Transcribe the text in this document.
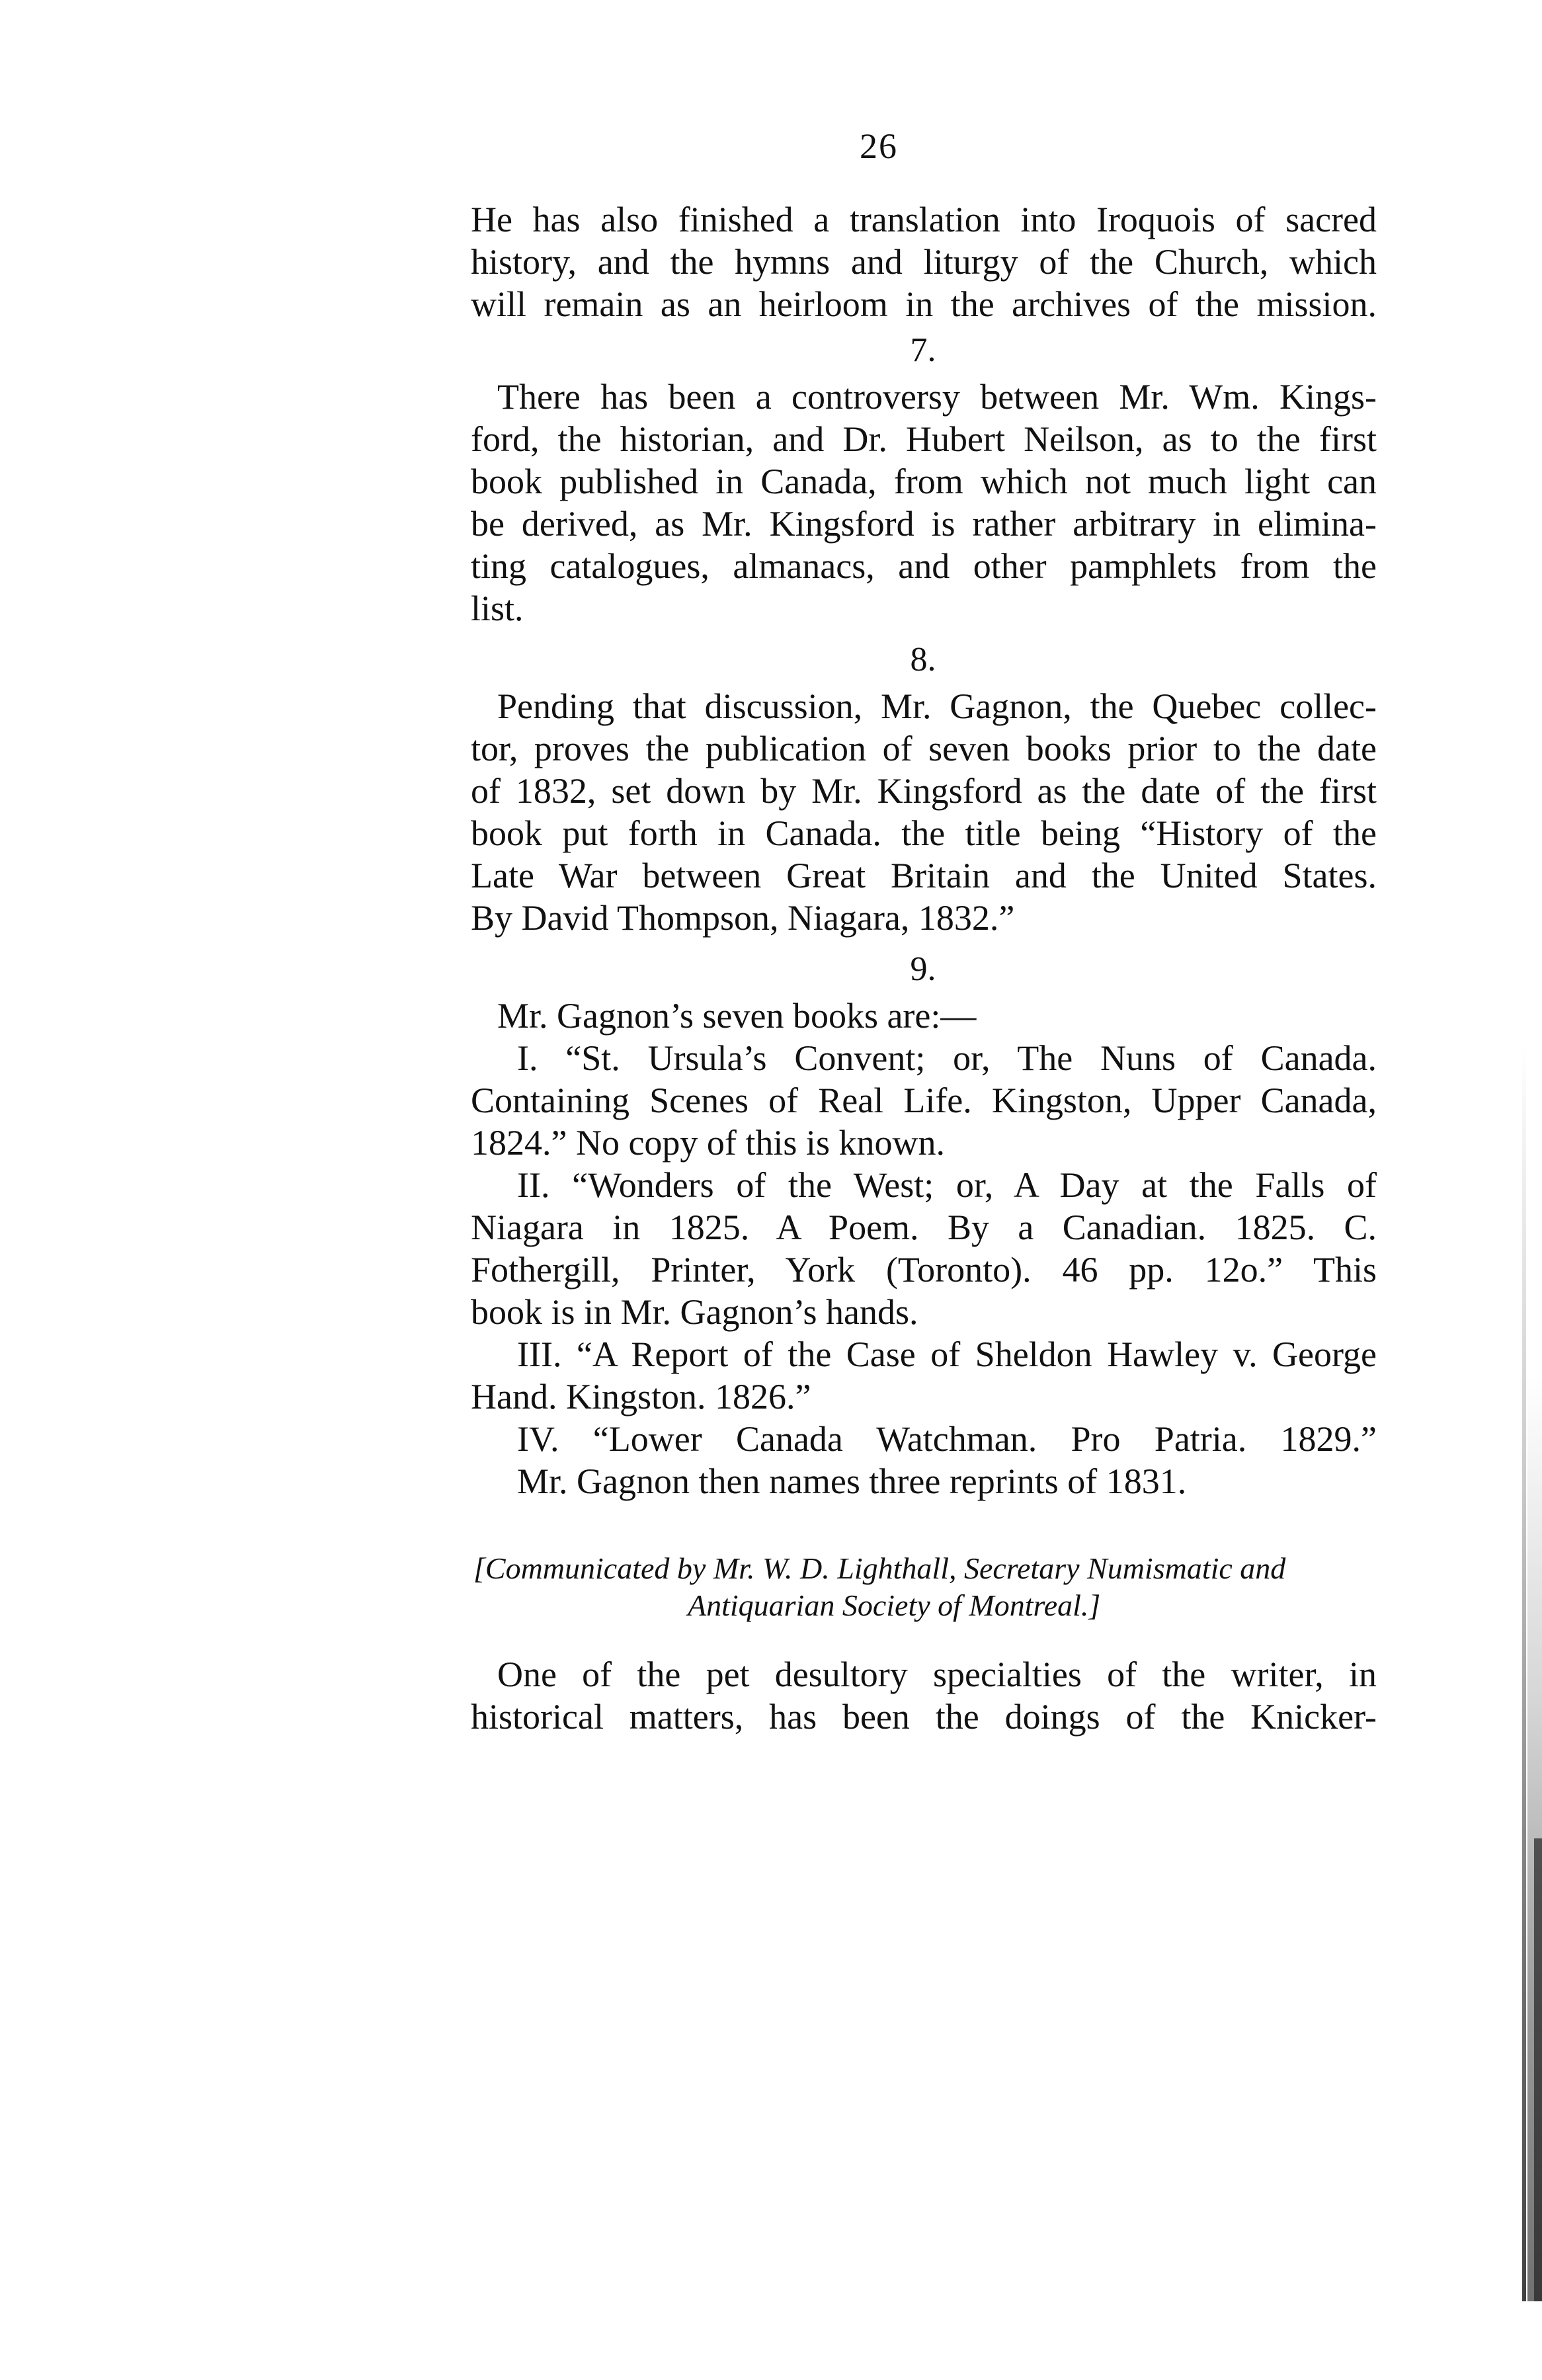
26
He has also finished a translation into Iroquois of sacred
history, and the hymns and liturgy of the Church, which
will remain as an heirloom in the archives of the mission.
7.
There has been a controversy between Mr. Wm. Kings-
ford, the historian, and Dr. Hubert Neilson, as to the first
book published in Canada, from which not much light can
be derived, as Mr. Kingsford is rather arbitrary in elimina-
ting catalogues, almanacs, and other pamphlets from the
list.
8.
Pending that discussion, Mr. Gagnon, the Quebec collec-
tor, proves the publication of seven books prior to the date
of 1832, set down by Mr. Kingsford as the date of the first
book put forth in Canada. the title being “History of the
Late War between Great Britain and the United States.
By David Thompson, Niagara, 1832.”
9.
Mr. Gagnon’s seven books are:—
I. “St. Ursula’s Convent; or, The Nuns of Canada.
Containing Scenes of Real Life. Kingston, Upper Canada,
1824.” No copy of this is known.
II. “Wonders of the West; or, A Day at the Falls of
Niagara in 1825. A Poem. By a Canadian. 1825. C.
Fothergill, Printer, York (Toronto). 46 pp. 12o.” This
book is in Mr. Gagnon’s hands.
III. “A Report of the Case of Sheldon Hawley v. George
Hand. Kingston. 1826.”
IV. “Lower Canada Watchman. Pro Patria. 1829.”
Mr. Gagnon then names three reprints of 1831.
[Communicated by Mr. W. D. Lighthall, Secretary Numismatic and
Antiquarian Society of Montreal.]
One of the pet desultory specialties of the writer, in
historical matters, has been the doings of the Knicker-
